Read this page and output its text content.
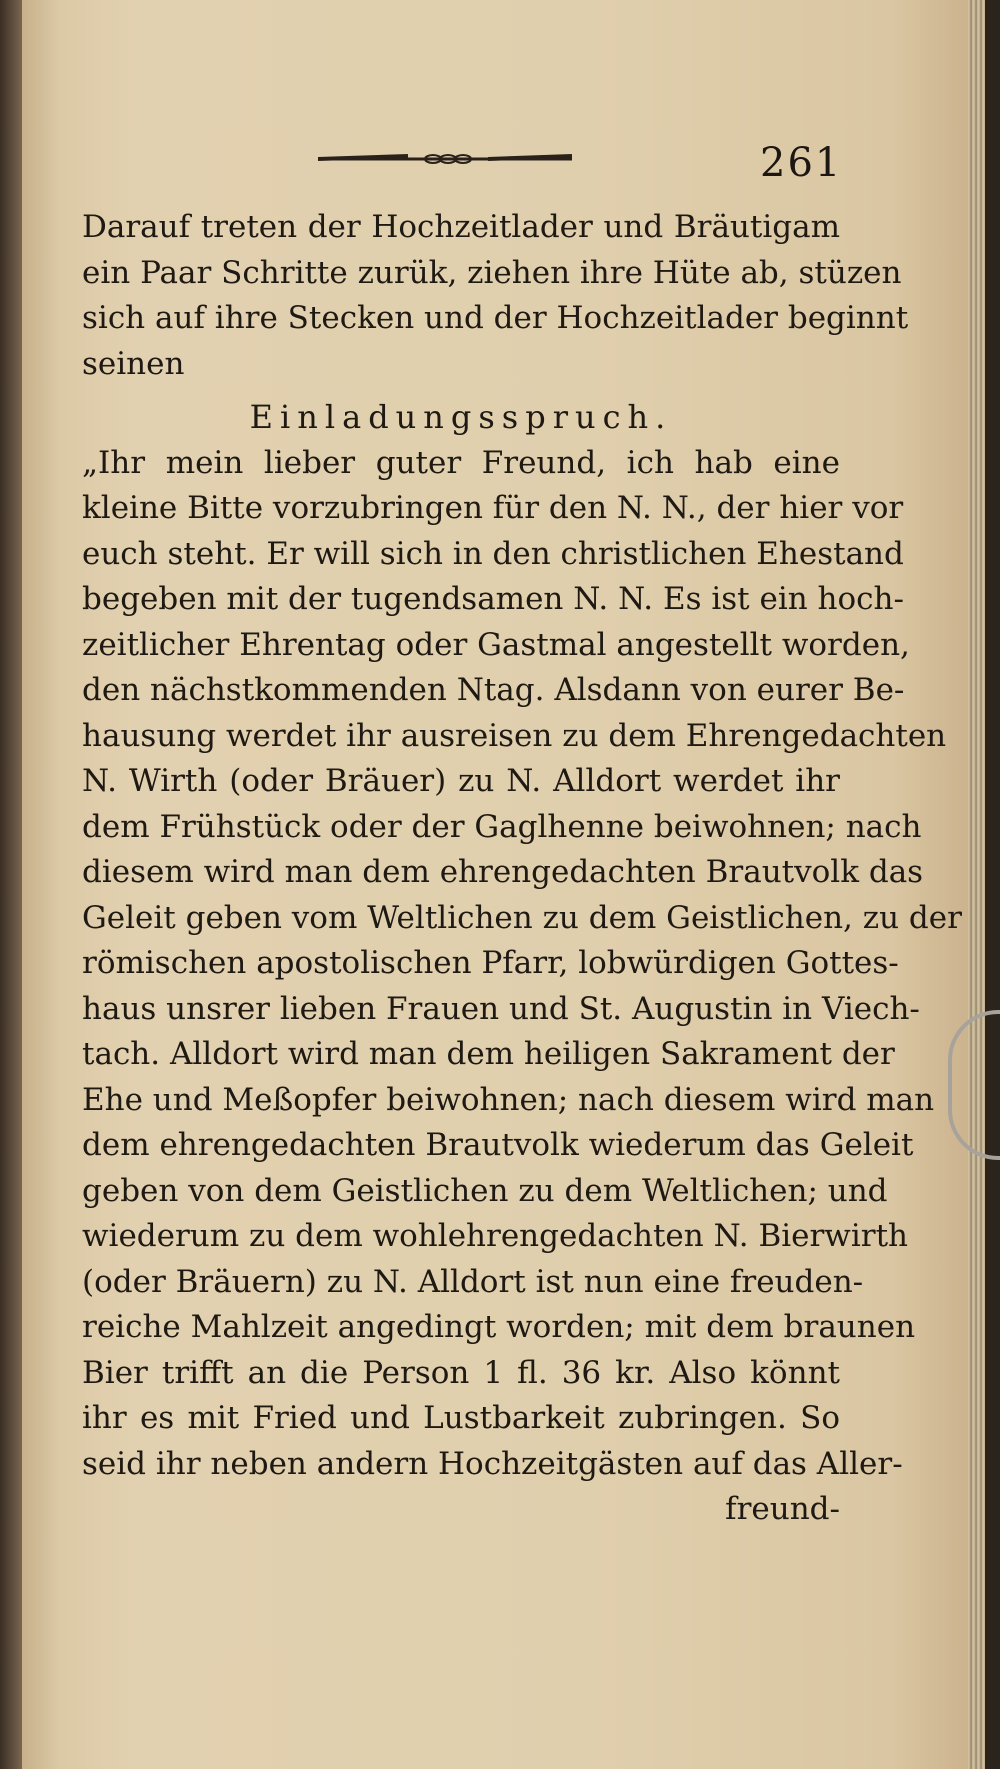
261
Darauf treten der Hochzeitlader und Bräutigam
ein Paar Schritte zurük, ziehen ihre Hüte ab, stüzen
sich auf ihre Stecken und der Hochzeitlader beginnt
seinen
Einladungsspruch.
„Ihr mein lieber guter Freund, ich hab eine
kleine Bitte vorzubringen für den N. N., der hier vor
euch steht. Er will sich in den christlichen Ehestand
begeben mit der tugendsamen N. N. Es ist ein hoch-
zeitlicher Ehrentag oder Gastmal angestellt worden,
den nächstkommenden Ntag. Alsdann von eurer Be-
hausung werdet ihr ausreisen zu dem Ehrengedachten
N. Wirth (oder Bräuer) zu N. Alldort werdet ihr
dem Frühstück oder der Gaglhenne beiwohnen; nach
diesem wird man dem ehrengedachten Brautvolk das
Geleit geben vom Weltlichen zu dem Geistlichen, zu der
römischen apostolischen Pfarr, lobwürdigen Gottes-
haus unsrer lieben Frauen und St. Augustin in Viech-
tach. Alldort wird man dem heiligen Sakrament der
Ehe und Meßopfer beiwohnen; nach diesem wird man
dem ehrengedachten Brautvolk wiederum das Geleit
geben von dem Geistlichen zu dem Weltlichen; und
wiederum zu dem wohlehrengedachten N. Bierwirth
(oder Bräuern) zu N. Alldort ist nun eine freuden-
reiche Mahlzeit angedingt worden; mit dem braunen
Bier trifft an die Person 1 fl. 36 kr. Also könnt
ihr es mit Fried und Lustbarkeit zubringen. So
seid ihr neben andern Hochzeitgästen auf das Aller-
freund-
